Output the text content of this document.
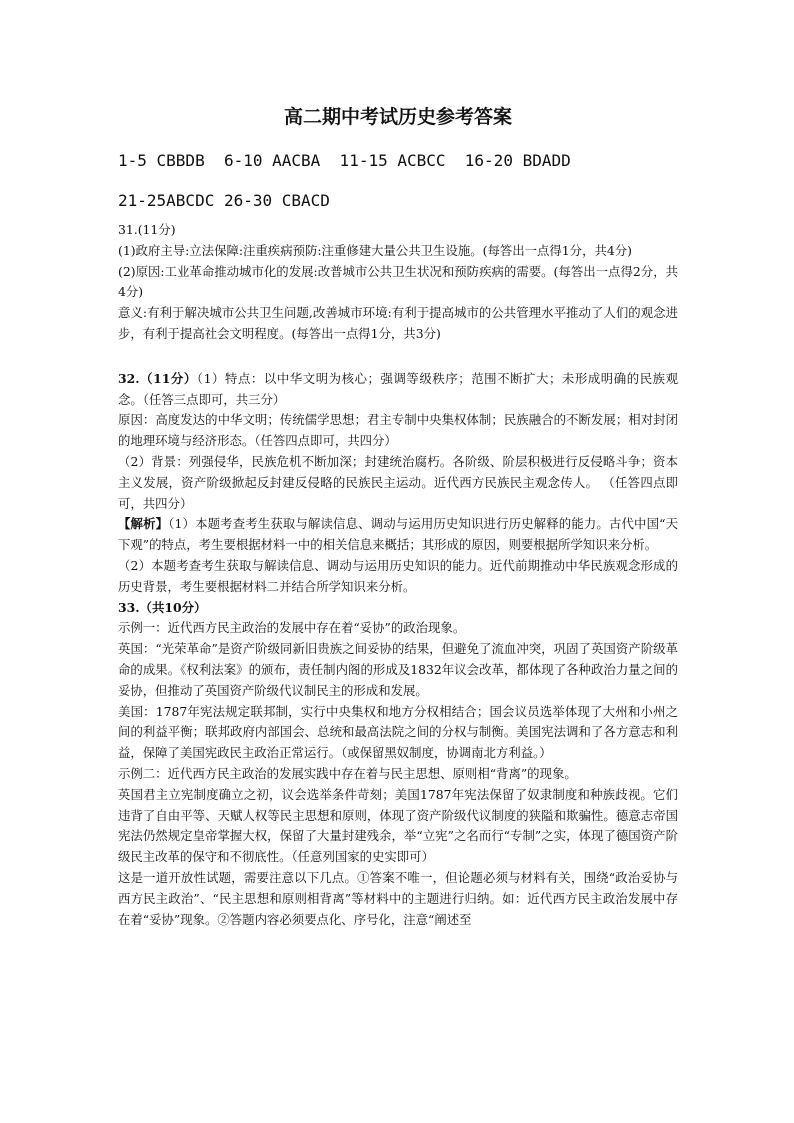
高二期中考试历史参考答案
1-5 CBBDB  6-10 AACBA  11-15 ACBCC  16-20 BDADD
21-25ABCDC 26-30 CBACD

31.(11分)

(1)政府主导:立法保障:注重疾病预防:注重修建大量公共卫生设施。(每答出一点得1分，共4分)

(2)原因:工业革命推动城市化的发展:改普城市公共卫生状况和预防疾病的需要。(每答出一点得2分，共4分)

意义:有利于解决城市公共卫生问题,改善城市环境:有利于提高城市的公共管理水平推动了人们的观念进步，有利于提高社会文明程度。(每答出一点得1分，共3分)

32.（11分）（1）特点：以中华文明为核心；强调等级秩序；范围不断扩大；未形成明确的民族观念。（任答三点即可，共三分）

原因：高度发达的中华文明；传统儒学思想；君主专制中央集权体制；民族融合的不断发展；相对封闭的地理环境与经济形态。（任答四点即可，共四分）

（2）背景：列强侵华，民族危机不断加深；封建统治腐朽。各阶级、阶层积极进行反侵略斗争；资本主义发展，资产阶级掀起反封建反侵略的民族民主运动。近代西方民族民主观念传人。 （任答四点即可，共四分）

【解析】（1）本题考查考生获取与解读信息、调动与运用历史知识进行历史解释的能力。古代中国“天下观”的特点，考生要根据材料一中的相关信息来概括；其形成的原因，则要根据所学知识来分析。

（2）本题考查考生获取与解读信息、调动与运用历史知识的能力。近代前期推动中华民族观念形成的历史背景，考生要根据材料二并结合所学知识来分析。

33.（共10分）

示例一：近代西方民主政治的发展中存在着“妥协”的政治现象。

英国：“光荣革命”是资产阶级同新旧贵族之间妥协的结果，但避免了流血冲突，巩固了英国资产阶级革命的成果。《权利法案》的颁布，责任制内阁的形成及1832年议会改革，都体现了各种政治力量之间的妥协，但推动了英国资产阶级代议制民主的形成和发展。

美国：1787年宪法规定联邦制，实行中央集权和地方分权相结合；国会议员选举体现了大州和小州之间的利益平衡；联邦政府内部国会、总统和最高法院之间的分权与制衡。美国宪法调和了各方意志和利益，保障了美国宪政民主政治正常运行。（或保留黑奴制度，协调南北方利益。）

示例二：近代西方民主政治的发展实践中存在着与民主思想、原则相“背离”的现象。

英国君主立宪制度确立之初，议会选举条件苛刻；美国1787年宪法保留了奴隶制度和种族歧视。它们违背了自由平等、天赋人权等民主思想和原则，体现了资产阶级代议制度的狭隘和欺骗性。德意志帝国宪法仍然规定皇帝掌握大权，保留了大量封建残余，举“立宪”之名而行“专制”之实，体现了德国资产阶级民主改革的保守和不彻底性。（任意列国家的史实即可）

这是一道开放性试题，需要注意以下几点。①答案不唯一，但论题必须与材料有关，围绕“政治妥协与西方民主政治”、“民主思想和原则相背离”等材料中的主题进行归纳。如：近代西方民主政治发展中存在着“妥协”现象。②答题内容必须要点化、序号化，注意“阐述至
